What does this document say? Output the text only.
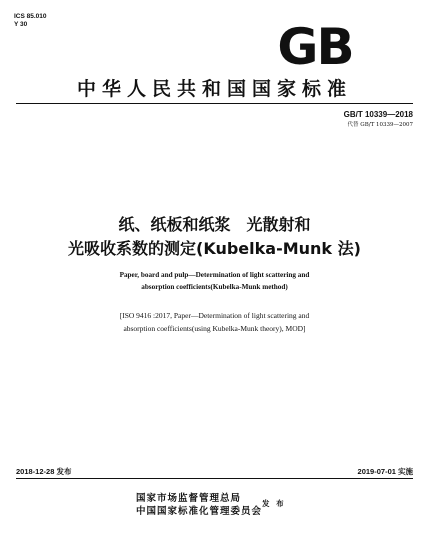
ICS 85.010
Y 30	GB
中华人民共和国国家标准
GB/T 10339—2018
代替 GB/T 10339—2007
纸、纸板和纸浆　光散射和
光吸收系数的测定(Kubelka-Munk 法)
Paper, board and pulp—Determination of light scattering and
absorption coefficients(Kubelka-Munk method)
[ISO 9416 :2017, Paper—Determination of light scattering and
absorption coefficients(using Kubelka-Munk theory), MOD]
2018-12-28 发布	2019-07-01 实施
国家市场监督管理总局
中国国家标准化管理委员会
发 布
